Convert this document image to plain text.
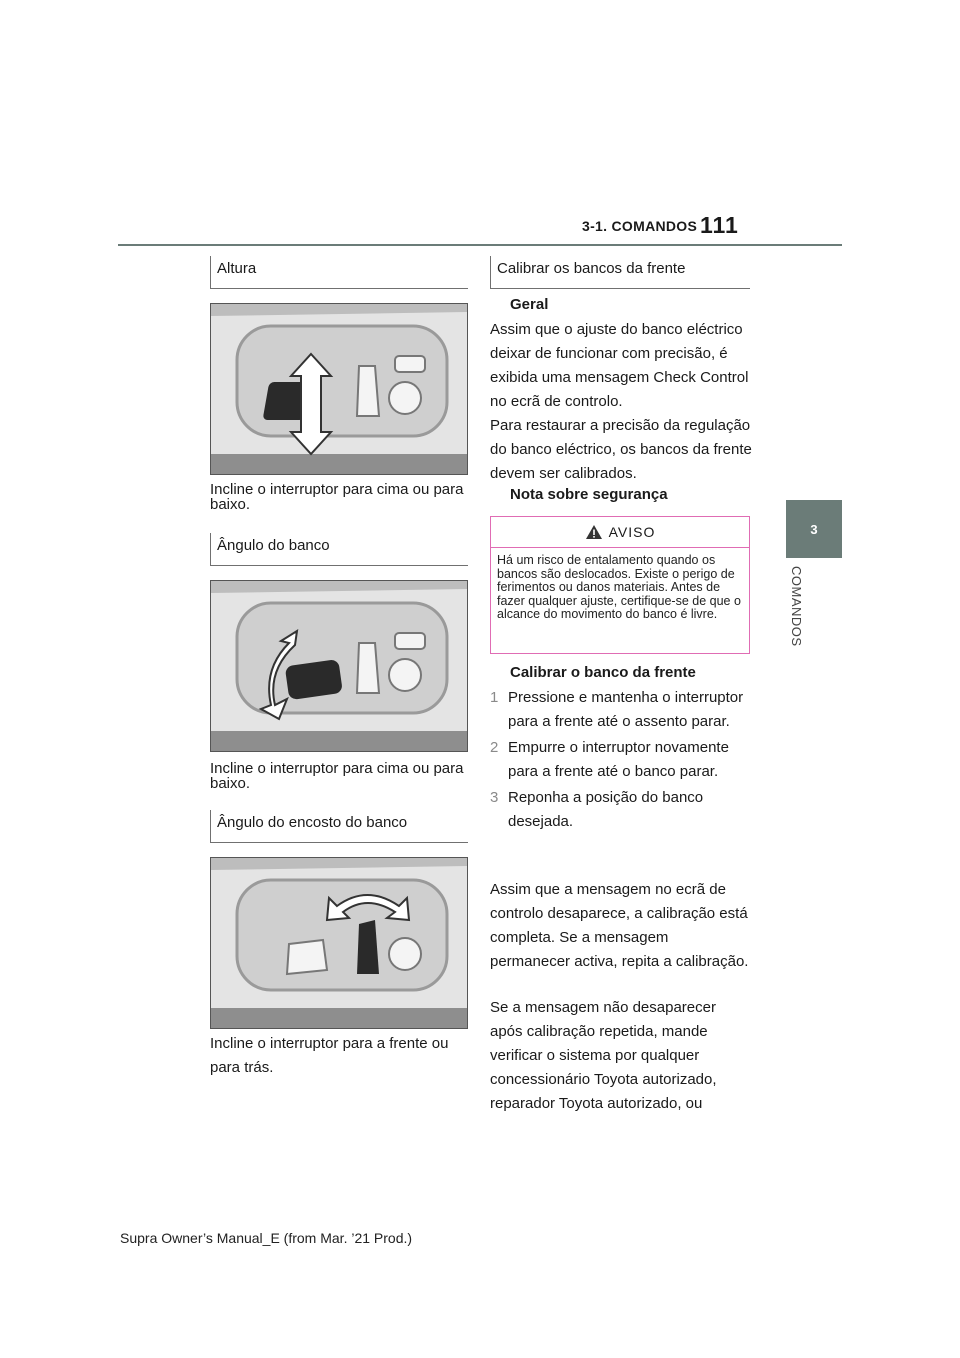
3-1. COMANDOS 111
3
COMANDOS
Altura
Incline o interruptor para cima ou para baixo.
Ângulo do banco
Incline o interruptor para cima ou para baixo.
Ângulo do encosto do banco
Incline o interruptor para a frente ou
para trás.
Calibrar os bancos da frente
Geral
Assim que o ajuste do banco eléctrico deixar de funcionar com precisão, é exibida uma mensagem Check Control no ecrã de controlo.
Para restaurar a precisão da regulação do banco eléctrico, os bancos da frente devem ser calibrados.
Nota sobre segurança
AVISO
Há um risco de entalamento quando os bancos são deslocados. Existe o perigo de ferimentos ou danos materiais. Antes de fazer qualquer ajuste, certifique-se de que o alcance do movimento do banco é livre.
Calibrar o banco da frente
1 Pressione e mantenha o interruptor para a frente até o assento parar.
2 Empurre o interruptor novamente para a frente até o banco parar.
3 Reponha a posição do banco desejada.
Assim que a mensagem no ecrã de controlo desaparece, a calibração está completa. Se a mensagem permanecer activa, repita a calibração.
Se a mensagem não desaparecer após calibração repetida, mande verificar o sistema por qualquer concessionário Toyota autorizado, reparador Toyota autorizado, ou
Supra Owner’s Manual_E (from Mar. ’21 Prod.)
